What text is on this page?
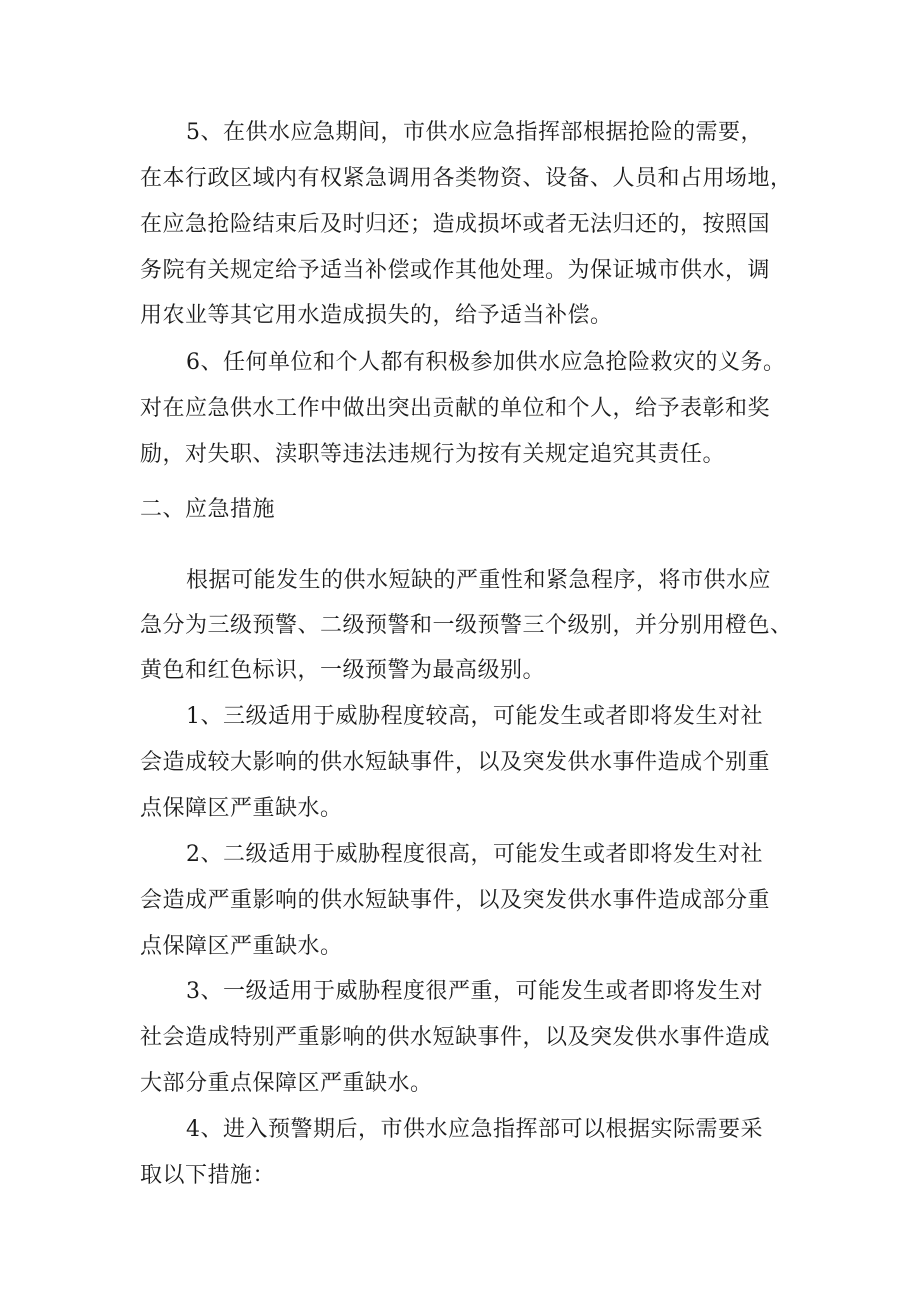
5、在供水应急期间，市供水应急指挥部根据抢险的需要，
在本行政区域内有权紧急调用各类物资、设备、人员和占用场地，
在应急抢险结束后及时归还；造成损坏或者无法归还的，按照国
务院有关规定给予适当补偿或作其他处理。为保证城市供水，调
用农业等其它用水造成损失的，给予适当补偿。
6、任何单位和个人都有积极参加供水应急抢险救灾的义务。
对在应急供水工作中做出突出贡献的单位和个人，给予表彰和奖
励，对失职、渎职等违法违规行为按有关规定追究其责任。
二、应急措施
根据可能发生的供水短缺的严重性和紧急程序，将市供水应
急分为三级预警、二级预警和一级预警三个级别，并分别用橙色、
黄色和红色标识，一级预警为最高级别。
1、三级适用于威胁程度较高，可能发生或者即将发生对社
会造成较大影响的供水短缺事件，以及突发供水事件造成个别重
点保障区严重缺水。
2、二级适用于威胁程度很高，可能发生或者即将发生对社
会造成严重影响的供水短缺事件，以及突发供水事件造成部分重
点保障区严重缺水。
3、一级适用于威胁程度很严重，可能发生或者即将发生对
社会造成特别严重影响的供水短缺事件，以及突发供水事件造成
大部分重点保障区严重缺水。
4、进入预警期后，市供水应急指挥部可以根据实际需要采
取以下措施：
